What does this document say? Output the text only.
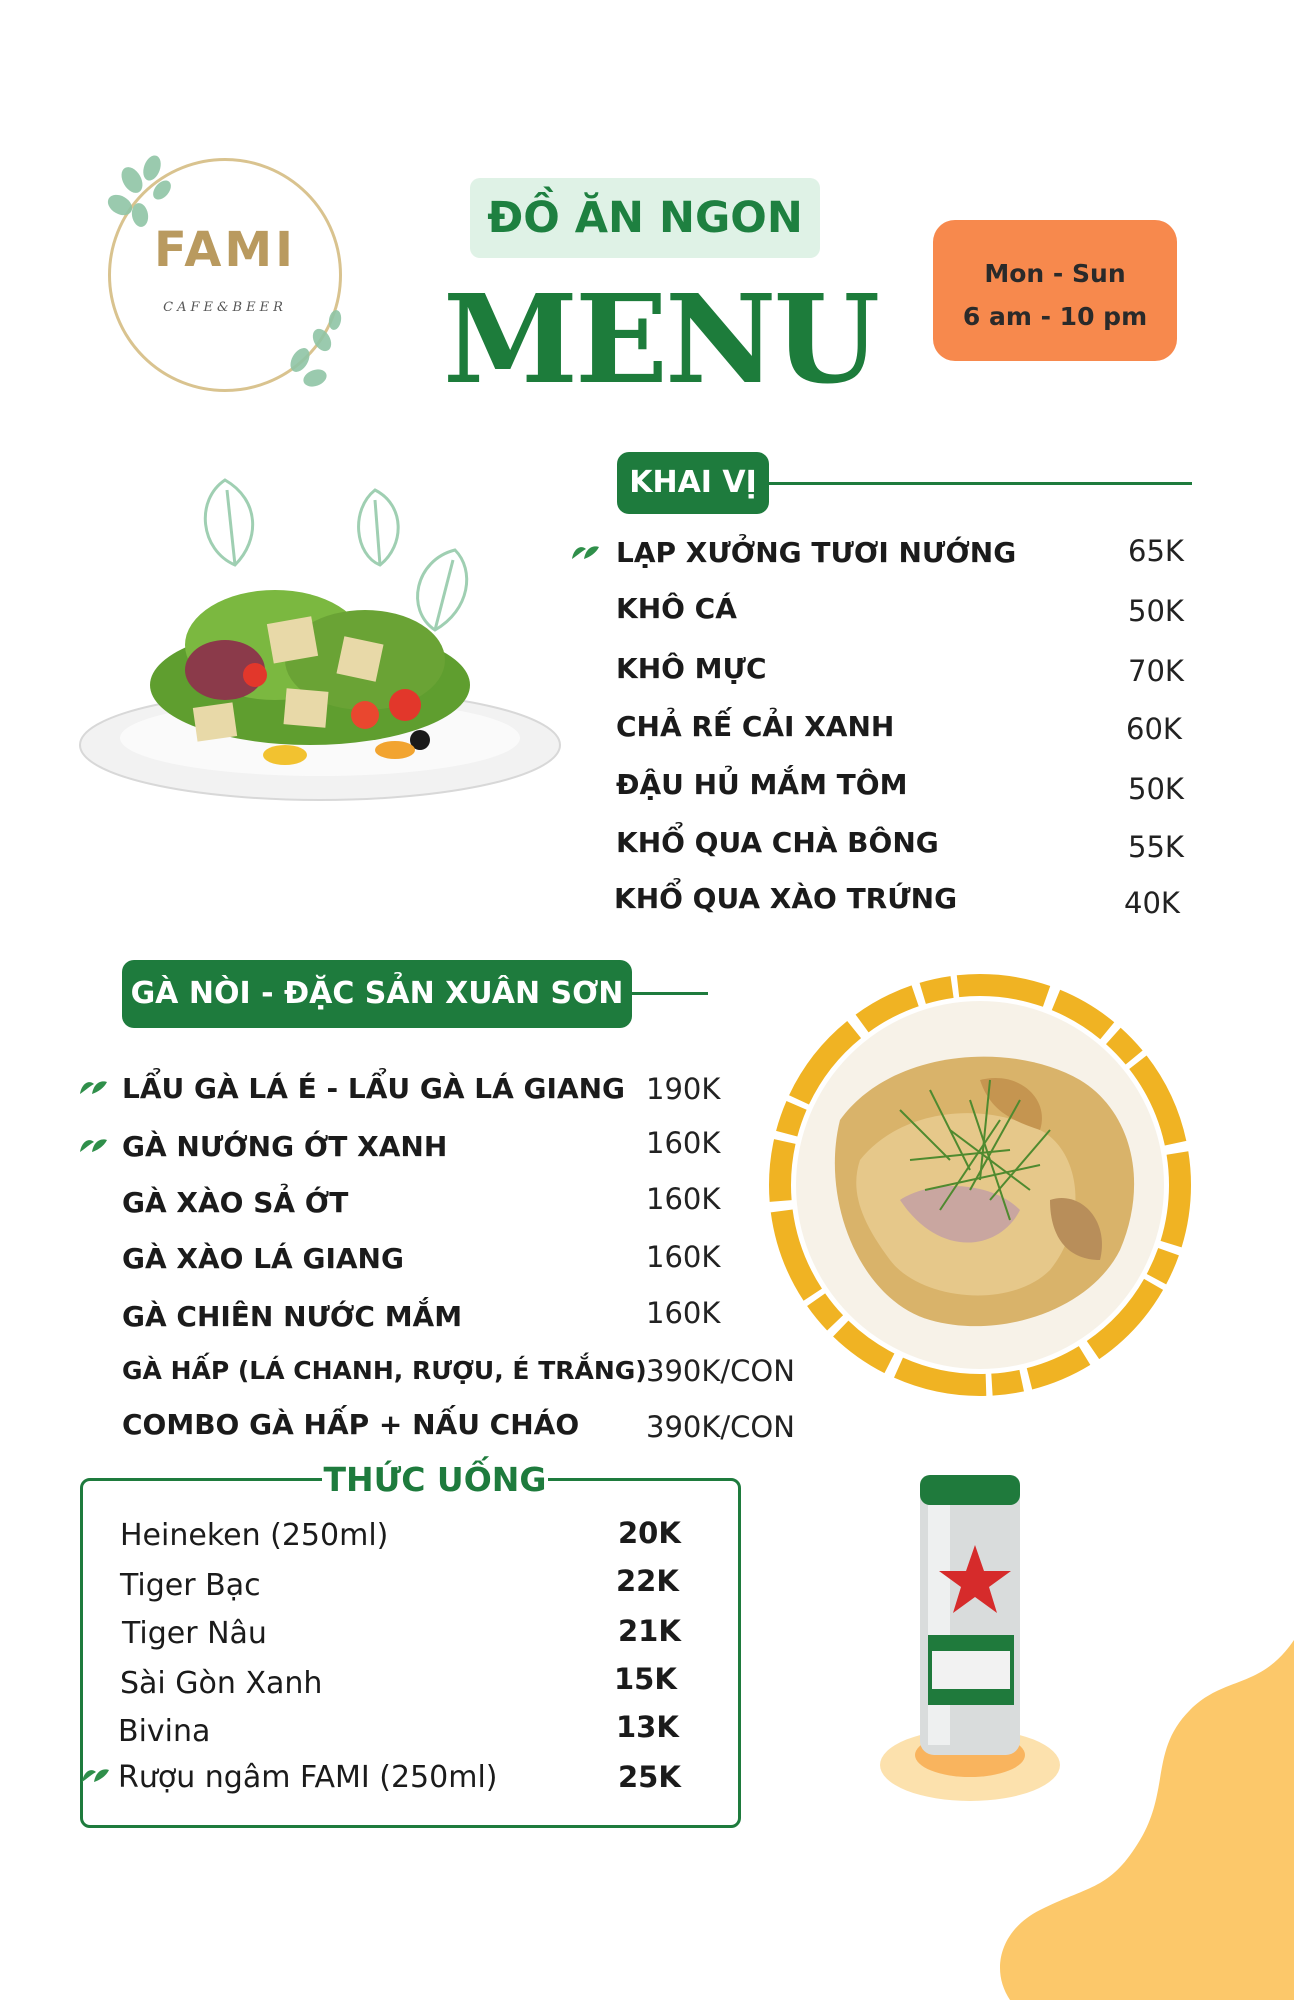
FAMI
CAFE&BEER
ĐỒ ĂN NGON
MENU	Mon - Sun
6 am - 10 pm
KHAI VỊ
LẠP XƯỞNG TƯƠI NƯỚNG	65K
KHÔ CÁ	50K
KHÔ MỰC	70K
CHẢ RẾ CẢI XANH	60K
ĐẬU HỦ MẮM TÔM	50K
KHỔ QUA CHÀ BÔNG	55K
KHỔ QUA XÀO TRỨNG	40K
GÀ NÒI - ĐẶC SẢN XUÂN SƠN
LẨU GÀ LÁ É - LẨU GÀ LÁ GIANG 190K
GÀ NƯỚNG ỚT XANH	160K
GÀ XÀO SẢ ỚT	160K
GÀ XÀO LÁ GIANG	160K
GÀ CHIÊN NƯỚC MẮM	160K
GÀ HẤP (LÁ CHANH, RƯỢU, É TRẮNG) 390K/CON
COMBO GÀ HẤP + NẤU CHÁO 390K/CON
THỨC UỐNG
Heineken (250ml)	20K
Tiger Bạc	22K
Tiger Nâu	21K
Sài Gòn Xanh	15K
Bivina	13K
Rượu ngâm FAMI (250ml)	25K
